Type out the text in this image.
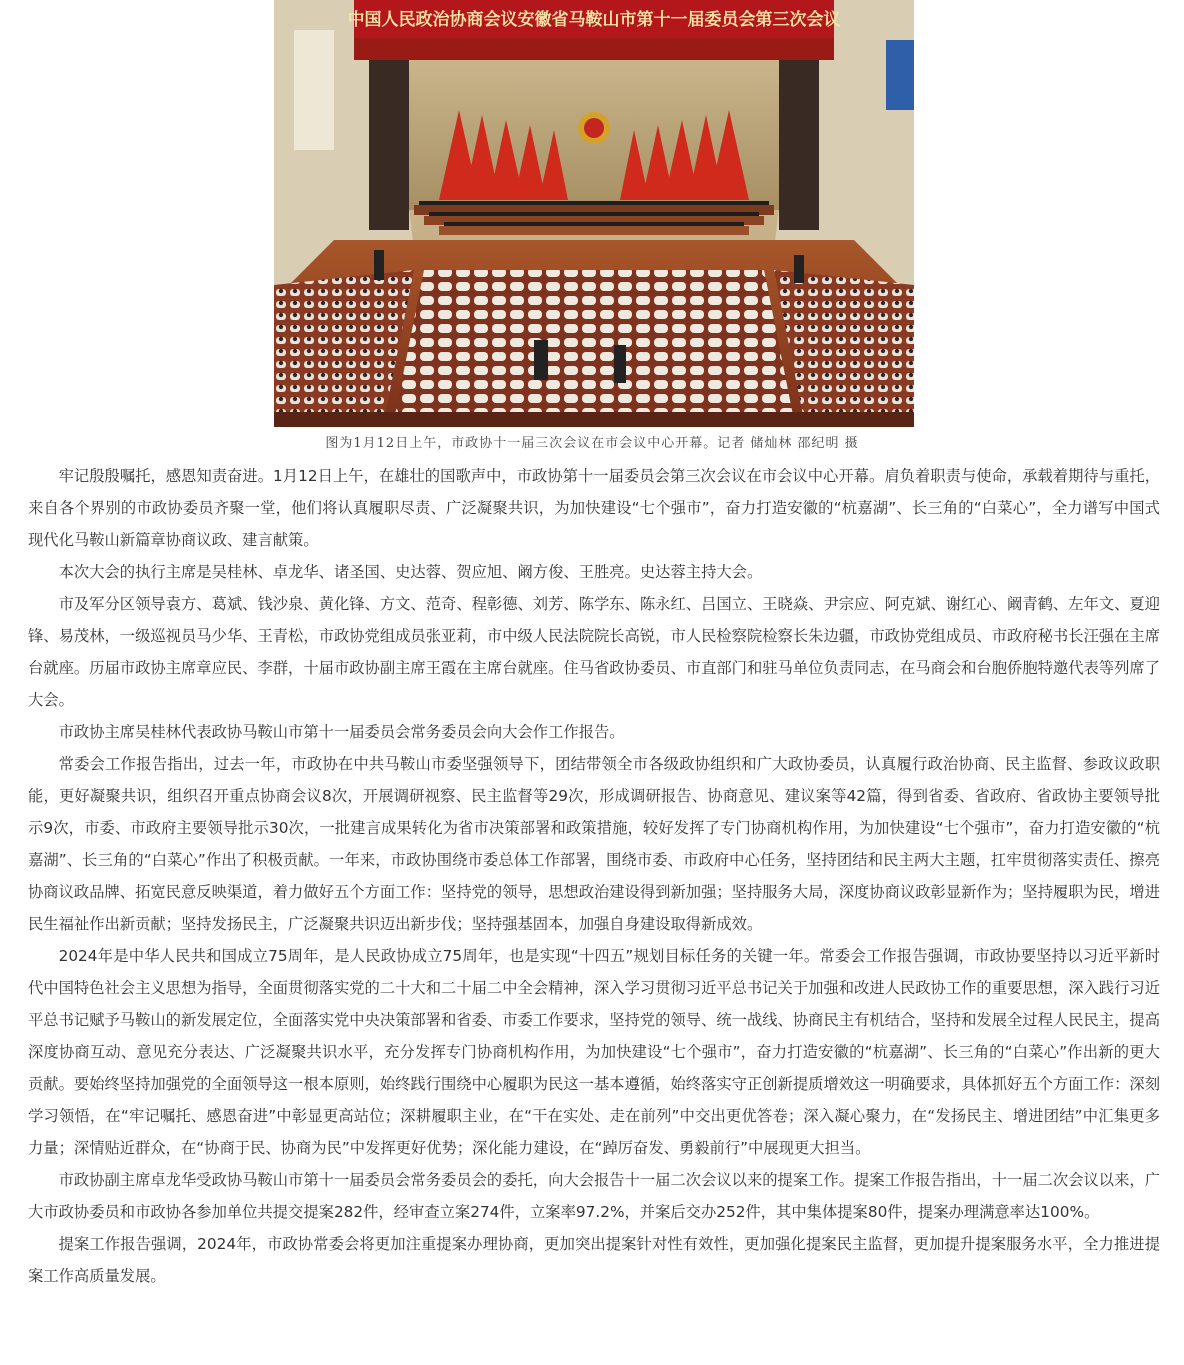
中国人民政治协商会议安徽省马鞍山市第十一届委员会第三次会议
图为1月12日上午，市政协十一届三次会议在市会议中心开幕。记者 储灿林 邵纪明 摄

牢记殷殷嘱托，感恩知责奋进。1月12日上午，在雄壮的国歌声中，市政协第十一届委员会第三次会议在市会议中心开幕。肩负着职责与使命，承载着期待与重托，来自各个界别的市政协委员齐聚一堂，他们将认真履职尽责、广泛凝聚共识，为加快建设“七个强市”，奋力打造安徽的“杭嘉湖”、长三角的“白菜心”，全力谱写中国式现代化马鞍山新篇章协商议政、建言献策。

本次大会的执行主席是吴桂林、卓龙华、诸圣国、史达蓉、贺应旭、阚方俊、王胜亮。史达蓉主持大会。

市及军分区领导袁方、葛斌、钱沙泉、黄化锋、方文、范奇、程彰德、刘芳、陈学东、陈永红、吕国立、王晓焱、尹宗应、阿克斌、谢红心、阚青鹤、左年文、夏迎锋、易茂林，一级巡视员马少华、王青松，市政协党组成员张亚莉，市中级人民法院院长高锐，市人民检察院检察长朱边疆，市政协党组成员、市政府秘书长汪强在主席台就座。历届市政协主席章应民、李群，十届市政协副主席王霞在主席台就座。住马省政协委员、市直部门和驻马单位负责同志，在马商会和台胞侨胞特邀代表等列席了大会。

市政协主席吴桂林代表政协马鞍山市第十一届委员会常务委员会向大会作工作报告。

常委会工作报告指出，过去一年，市政协在中共马鞍山市委坚强领导下，团结带领全市各级政协组织和广大政协委员，认真履行政治协商、民主监督、参政议政职能，更好凝聚共识，组织召开重点协商会议8次，开展调研视察、民主监督等29次，形成调研报告、协商意见、建议案等42篇，得到省委、省政府、省政协主要领导批示9次，市委、市政府主要领导批示30次，一批建言成果转化为省市决策部署和政策措施，较好发挥了专门协商机构作用，为加快建设“七个强市”，奋力打造安徽的“杭嘉湖”、长三角的“白菜心”作出了积极贡献。一年来，市政协围绕市委总体工作部署，围绕市委、市政府中心任务，坚持团结和民主两大主题，扛牢贯彻落实责任、擦亮协商议政品牌、拓宽民意反映渠道，着力做好五个方面工作：坚持党的领导，思想政治建设得到新加强；坚持服务大局，深度协商议政彰显新作为；坚持履职为民，增进民生福祉作出新贡献；坚持发扬民主，广泛凝聚共识迈出新步伐；坚持强基固本，加强自身建设取得新成效。

2024年是中华人民共和国成立75周年，是人民政协成立75周年，也是实现“十四五”规划目标任务的关键一年。常委会工作报告强调，市政协要坚持以习近平新时代中国特色社会主义思想为指导，全面贯彻落实党的二十大和二十届二中全会精神，深入学习贯彻习近平总书记关于加强和改进人民政协工作的重要思想，深入践行习近平总书记赋予马鞍山的新发展定位，全面落实党中央决策部署和省委、市委工作要求，坚持党的领导、统一战线、协商民主有机结合，坚持和发展全过程人民民主，提高深度协商互动、意见充分表达、广泛凝聚共识水平，充分发挥专门协商机构作用，为加快建设“七个强市”，奋力打造安徽的“杭嘉湖”、长三角的“白菜心”作出新的更大贡献。要始终坚持加强党的全面领导这一根本原则，始终践行围绕中心履职为民这一基本遵循，始终落实守正创新提质增效这一明确要求，具体抓好五个方面工作：深刻学习领悟，在“牢记嘱托、感恩奋进”中彰显更高站位；深耕履职主业，在“干在实处、走在前列”中交出更优答卷；深入凝心聚力，在“发扬民主、增进团结”中汇集更多力量；深情贴近群众，在“协商于民、协商为民”中发挥更好优势；深化能力建设，在“踔厉奋发、勇毅前行”中展现更大担当。

市政协副主席卓龙华受政协马鞍山市第十一届委员会常务委员会的委托，向大会报告十一届二次会议以来的提案工作。提案工作报告指出，十一届二次会议以来，广大市政协委员和市政协各参加单位共提交提案282件，经审查立案274件，立案率97.2%，并案后交办252件，其中集体提案80件，提案办理满意率达100%。

提案工作报告强调，2024年，市政协常委会将更加注重提案办理协商，更加突出提案针对性有效性，更加强化提案民主监督，更加提升提案服务水平，全力推进提案工作高质量发展。
